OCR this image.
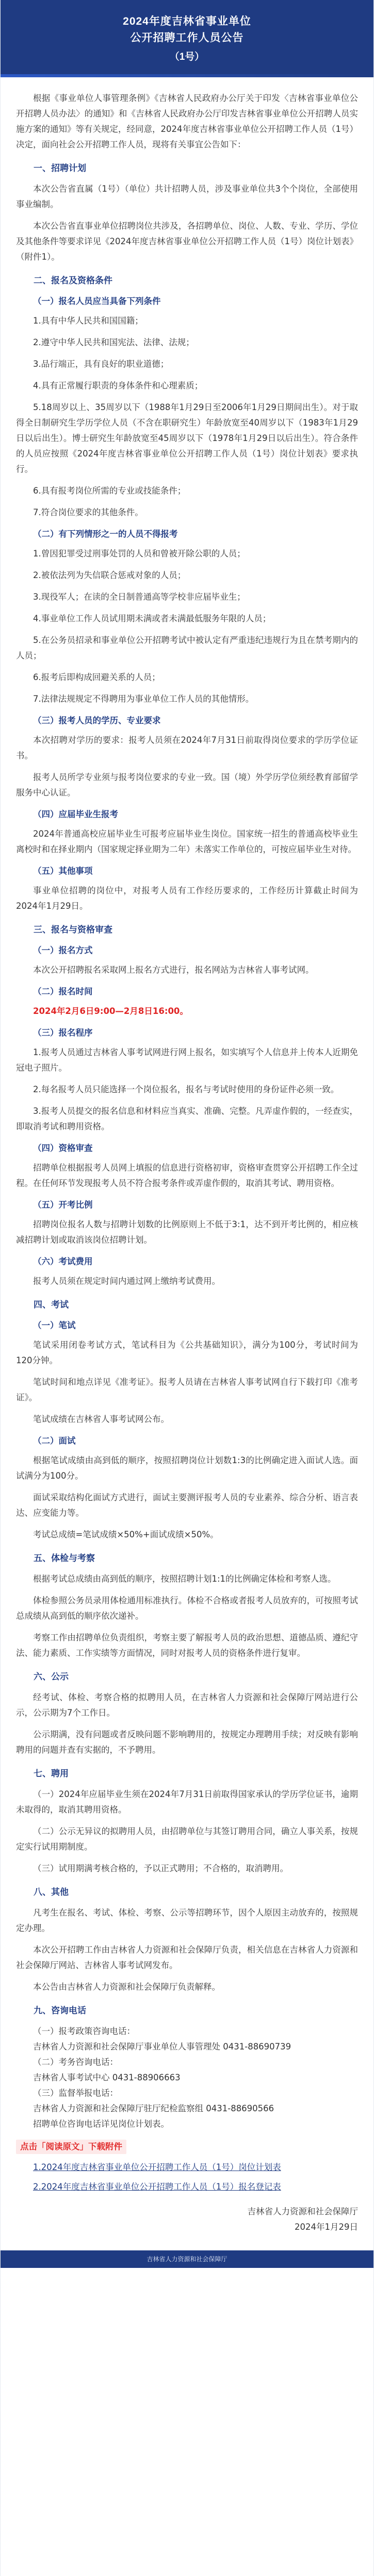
2024年度吉林省事业单位
公开招聘工作人员公告
（1号）

根据《事业单位人事管理条例》《吉林省人民政府办公厅关于印发〈吉林省事业单位公开招聘人员办法〉的通知》和《吉林省人民政府办公厅印发吉林省事业单位公开招聘人员实施方案的通知》等有关规定，经同意，2024年度吉林省事业单位公开招聘工作人员（1号）决定，面向社会公开招聘工作人员，现将有关事宜公告如下：

一、招聘计划

本次公告省直属（1号）（单位）共计招聘人员，涉及事业单位共3个个岗位，全部使用事业编制。

本次公告省直事业单位招聘岗位共涉及，各招聘单位、岗位、人数、专业、学历、学位及其他条件等要求详见《2024年度吉林省事业单位公开招聘工作人员（1号）岗位计划表》（附件1）。

二、报名及资格条件
（一）报名人员应当具备下列条件

1.具有中华人民共和国国籍；

2.遵守中华人民共和国宪法、法律、法规；

3.品行端正，具有良好的职业道德；

4.具有正常履行职责的身体条件和心理素质；

5.18周岁以上、35周岁以下（1988年1月29日至2006年1月29日期间出生）。对于取得全日制研究生学历学位人员（不含在职研究生）年龄放宽至40周岁以下（1983年1月29日以后出生）。博士研究生年龄放宽至45周岁以下（1978年1月29日以后出生）。符合条件的人员应按照《2024年度吉林省事业单位公开招聘工作人员（1号）岗位计划表》要求执行。

6.具有报考岗位所需的专业或技能条件；

7.符合岗位要求的其他条件。

（二）有下列情形之一的人员不得报考

1.曾因犯罪受过刑事处罚的人员和曾被开除公职的人员；

2.被依法列为失信联合惩戒对象的人员；

3.现役军人；在读的全日制普通高等学校非应届毕业生；

4.事业单位工作人员试用期未满或者未满最低服务年限的人员；

5.在公务员招录和事业单位公开招聘考试中被认定有严重违纪违规行为且在禁考期内的人员；

6.报考后即构成回避关系的人员；

7.法律法规规定不得聘用为事业单位工作人员的其他情形。

（三）报考人员的学历、专业要求

本次招聘对学历的要求：报考人员须在2024年7月31日前取得岗位要求的学历学位证书。

报考人员所学专业须与报考岗位要求的专业一致。国（境）外学历学位须经教育部留学服务中心认证。

（四）应届毕业生报考

2024年普通高校应届毕业生可报考应届毕业生岗位。国家统一招生的普通高校毕业生离校时和在择业期内（国家规定择业期为二年）未落实工作单位的，可按应届毕业生对待。

（五）其他事项

事业单位招聘的岗位中，对报考人员有工作经历要求的，工作经历计算截止时间为2024年1月29日。

三、报名与资格审查
（一）报名方式

本次公开招聘报名采取网上报名方式进行，报名网站为吉林省人事考试网。

（二）报名时间

2024年2月6日9:00—2月8日16:00。

（三）报名程序

1.报考人员通过吉林省人事考试网进行网上报名，如实填写个人信息并上传本人近期免冠电子照片。

2.每名报考人员只能选择一个岗位报名，报名与考试时使用的身份证件必须一致。

3.报考人员提交的报名信息和材料应当真实、准确、完整。凡弄虚作假的，一经查实，即取消考试和聘用资格。

（四）资格审查

招聘单位根据报考人员网上填报的信息进行资格初审，资格审查贯穿公开招聘工作全过程。在任何环节发现报考人员不符合报考条件或弄虚作假的，取消其考试、聘用资格。

（五）开考比例

招聘岗位报名人数与招聘计划数的比例原则上不低于3:1，达不到开考比例的，相应核减招聘计划或取消该岗位招聘计划。

（六）考试费用

报考人员须在规定时间内通过网上缴纳考试费用。

四、考试
（一）笔试

笔试采用闭卷考试方式，笔试科目为《公共基础知识》，满分为100分，考试时间为120分钟。

笔试时间和地点详见《准考证》。报考人员请在吉林省人事考试网自行下载打印《准考证》。

笔试成绩在吉林省人事考试网公布。

（二）面试

根据笔试成绩由高到低的顺序，按照招聘岗位计划数1:3的比例确定进入面试人选。面试满分为100分。

面试采取结构化面试方式进行，面试主要测评报考人员的专业素养、综合分析、语言表达、应变能力等。

考试总成绩=笔试成绩×50%+面试成绩×50%。

五、体检与考察

根据考试总成绩由高到低的顺序，按照招聘计划1:1的比例确定体检和考察人选。

体检参照公务员录用体检通用标准执行。体检不合格或者报考人员放弃的，可按照考试总成绩从高到低的顺序依次递补。

考察工作由招聘单位负责组织，考察主要了解报考人员的政治思想、道德品质、遵纪守法、能力素质、工作实绩等方面情况，同时对报考人员的资格条件进行复审。

六、公示

经考试、体检、考察合格的拟聘用人员，在吉林省人力资源和社会保障厅网站进行公示，公示期为7个工作日。

公示期满，没有问题或者反映问题不影响聘用的，按规定办理聘用手续；对反映有影响聘用的问题并查有实据的，不予聘用。

七、聘用

（一）2024年应届毕业生须在2024年7月31日前取得国家承认的学历学位证书，逾期未取得的，取消其聘用资格。

（二）公示无异议的拟聘用人员，由招聘单位与其签订聘用合同，确立人事关系，按规定实行试用期制度。

（三）试用期满考核合格的，予以正式聘用；不合格的，取消聘用。

八、其他

凡考生在报名、考试、体检、考察、公示等招聘环节，因个人原因主动放弃的，按照规定办理。

本次公开招聘工作由吉林省人力资源和社会保障厅负责，相关信息在吉林省人力资源和社会保障厅网站、吉林省人事考试网发布。

本公告由吉林省人力资源和社会保障厅负责解释。

九、咨询电话

（一）报考政策咨询电话：

吉林省人力资源和社会保障厅事业单位人事管理处 0431-88690739

（二）考务咨询电话：

吉林省人事考试中心 0431-88906663

（三）监督举报电话：

吉林省人力资源和社会保障厅驻厅纪检监察组 0431-88690566

招聘单位咨询电话详见岗位计划表。

点击「阅读原文」下载附件

1.2024年度吉林省事业单位公开招聘工作人员（1号）岗位计划表

2.2024年度吉林省事业单位公开招聘工作人员（1号）报名登记表

吉林省人力资源和社会保障厅

2024年1月29日

吉林省人力资源和社会保障厅
